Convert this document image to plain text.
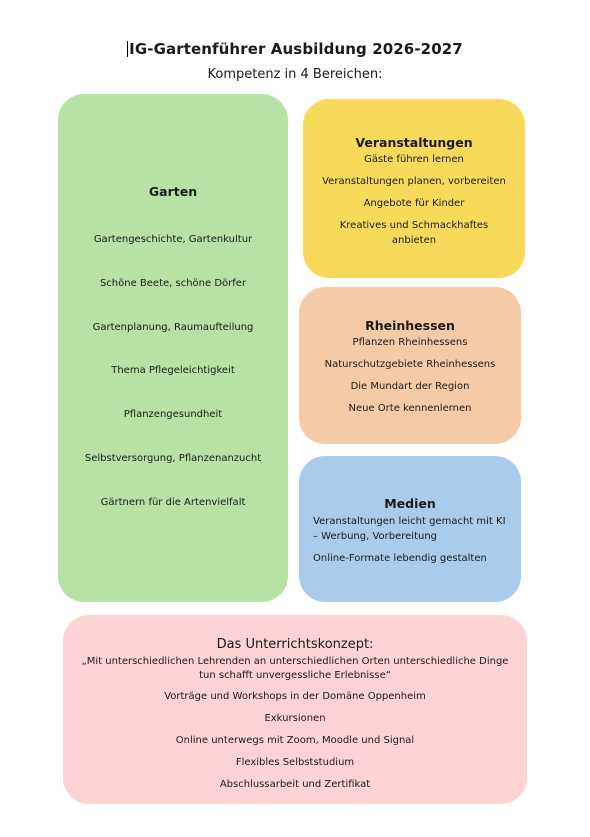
IG-Gartenführer Ausbildung 2026-2027
Kompetenz in 4 Bereichen:
Garten
Gartengeschichte, Gartenkultur
Schöne Beete, schöne Dörfer
Gartenplanung, Raumaufteilung
Thema Pflegeleichtigkeit
Pflanzengesundheit
Selbstversorgung, Pflanzenanzucht
Gärtnern für die Artenvielfalt
Veranstaltungen
Gäste führen lernen
Veranstaltungen planen, vorbereiten
Angebote für Kinder
Kreatives und Schmackhaftes anbieten
Rheinhessen
Pflanzen Rheinhessens
Naturschutzgebiete Rheinhessens
Die Mundart der Region
Neue Orte kennenlernen
Medien
Veranstaltungen leicht gemacht mit KI – Werbung, Vorbereitung
Online-Formate lebendig gestalten
Das Unterrichtskonzept:
„Mit unterschiedlichen Lehrenden an unterschiedlichen Orten unterschiedliche Dinge tun schafft unvergessliche Erlebnisse“
Vorträge und Workshops in der Domäne Oppenheim
Exkursionen
Online unterwegs mit Zoom, Moodle und Signal
Flexibles Selbststudium
Abschlussarbeit und Zertifikat
